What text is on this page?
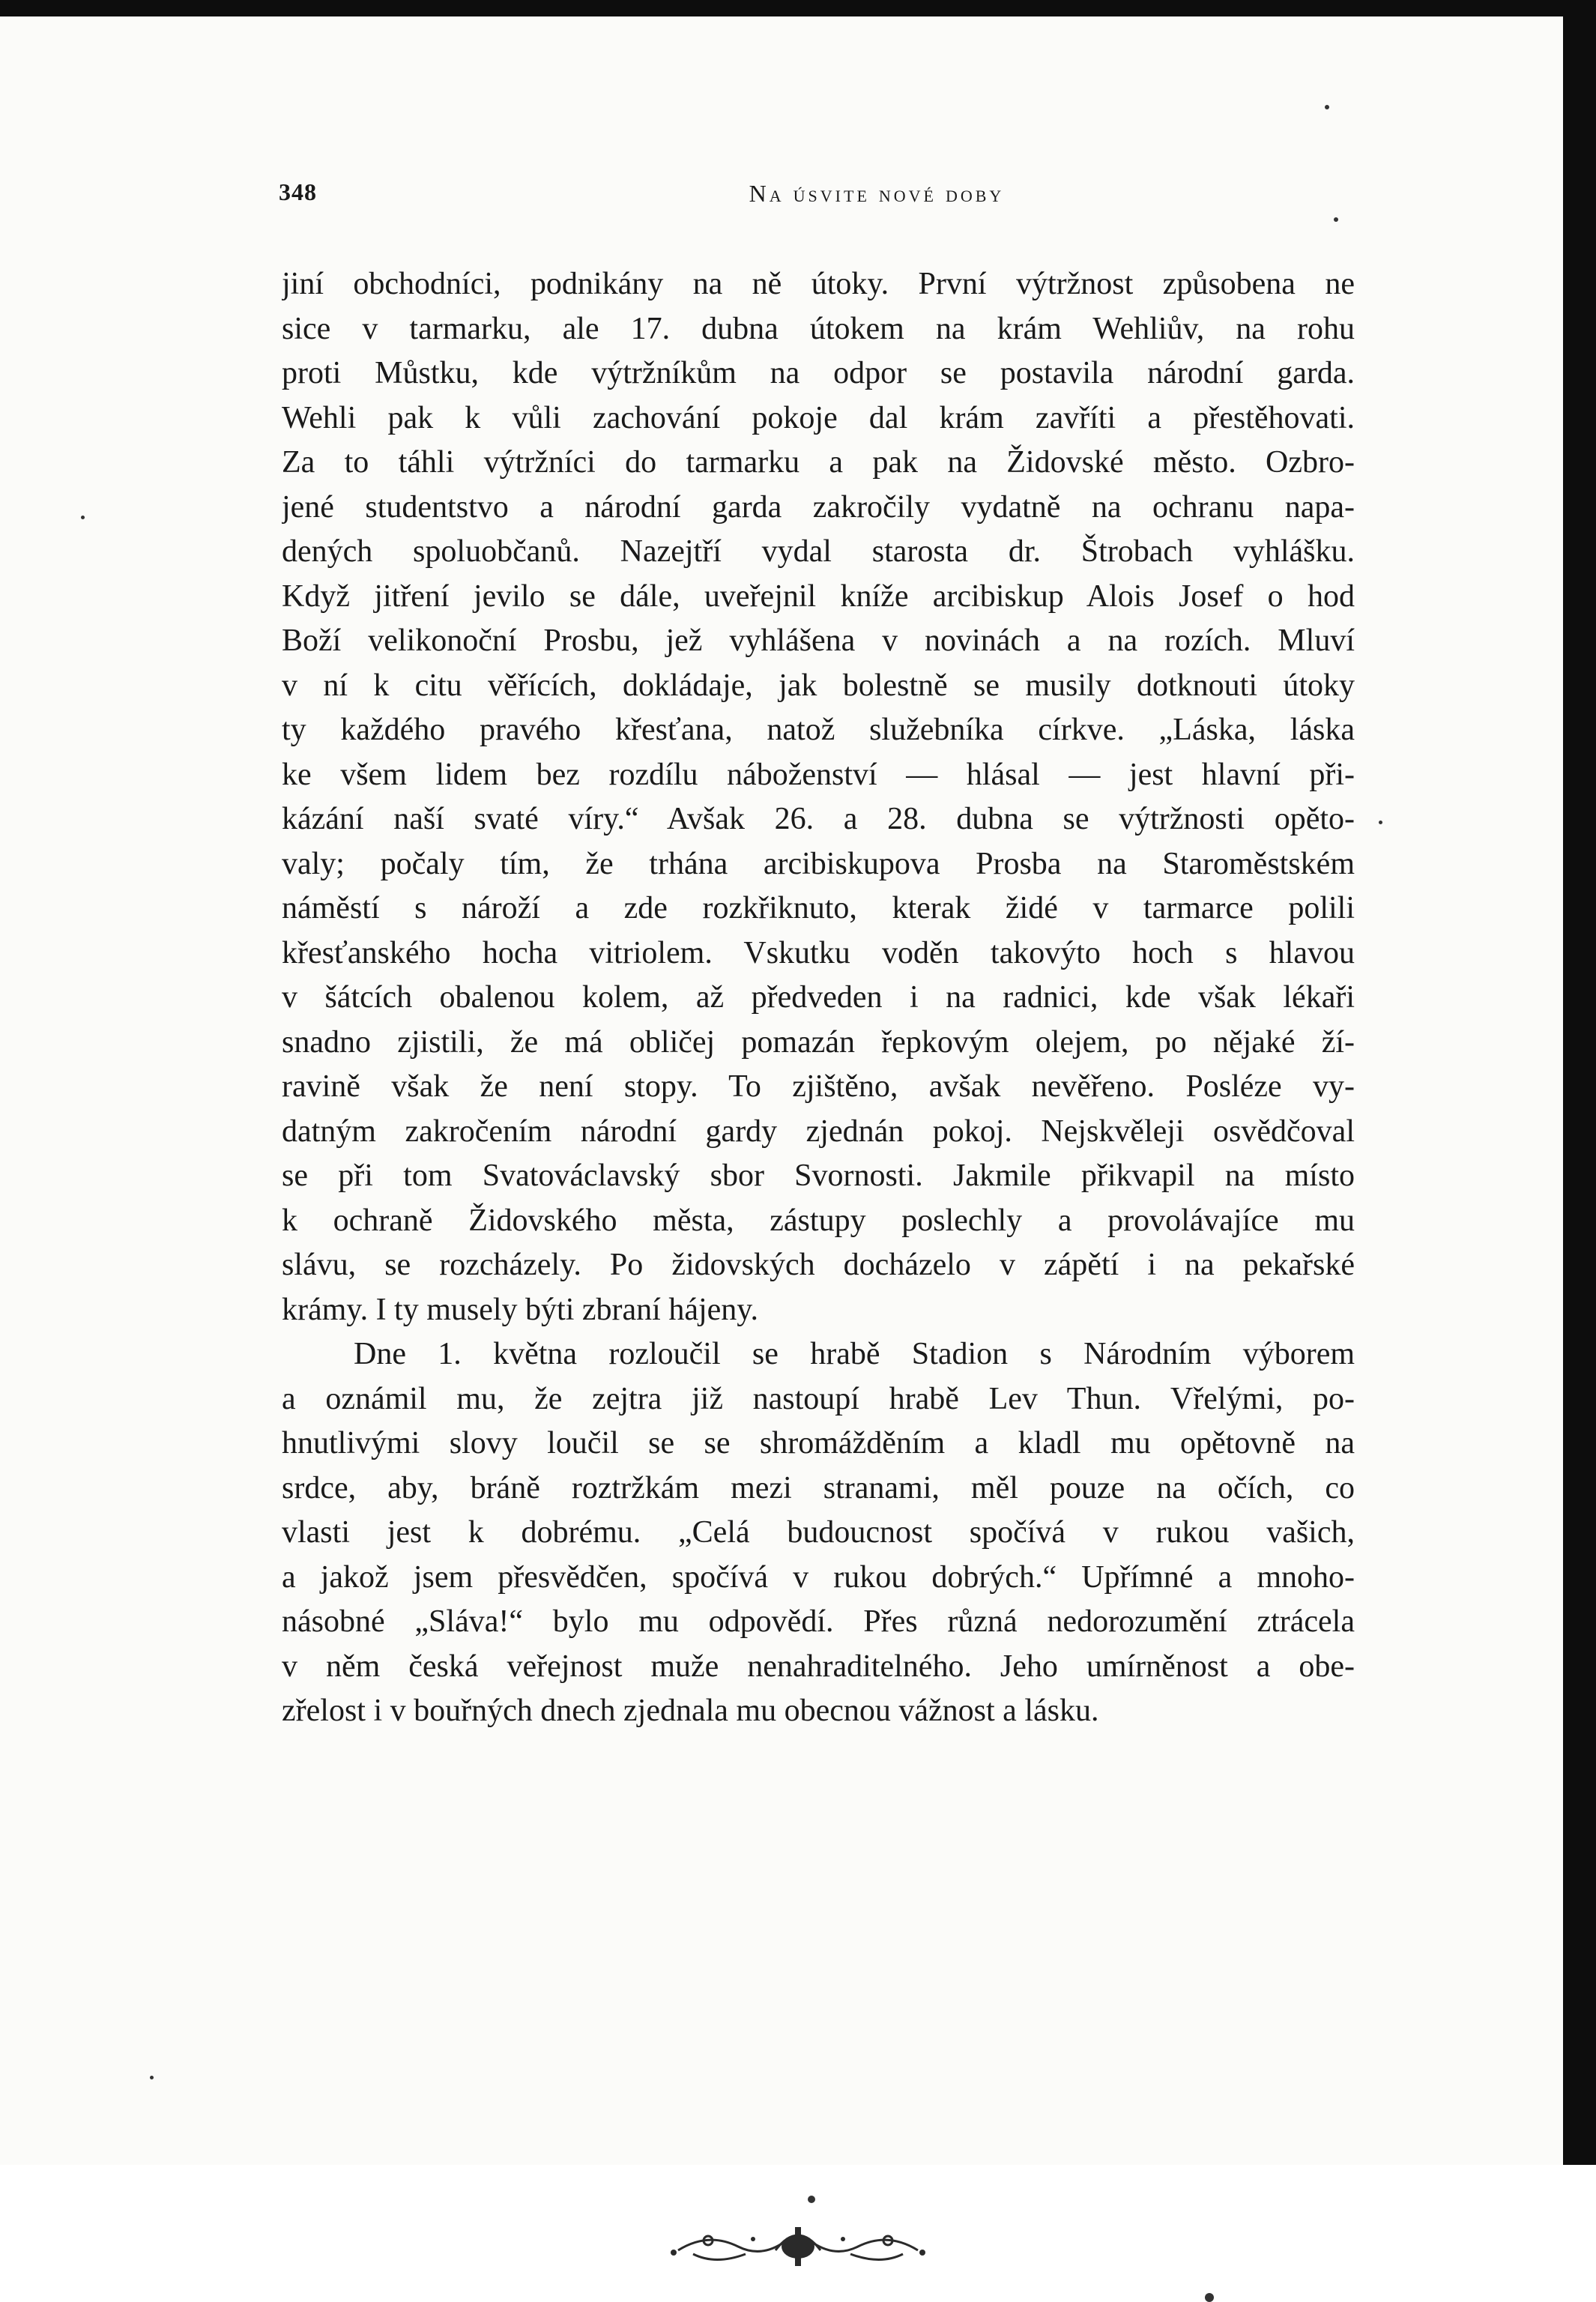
348	Na úsvite nové doby
jiní obchodníci, podnikány na ně útoky. První výtržnost způsobena ne
sice v tarmarku, ale 17. dubna útokem na krám Wehliův, na rohu
proti Můstku, kde výtržníkům na odpor se postavila národní garda.
Wehli pak k vůli zachování pokoje dal krám zavříti a přestěhovati.
Za to táhli výtržníci do tarmarku a pak na Židovské město. Ozbro-
jené studentstvo a národní garda zakročily vydatně na ochranu napa-
dených spoluobčanů. Nazejtří vydal starosta dr. Štrobach vyhlášku.
Když jitření jevilo se dále, uveřejnil kníže arcibiskup Alois Josef o hod
Boží velikonoční Prosbu, jež vyhlášena v novinách a na rozích. Mluví
v ní k citu věřících, dokládaje, jak bolestně se musily dotknouti útoky
ty každého pravého křesťana, natož služebníka církve. „Láska, láska
ke všem lidem bez rozdílu náboženství — hlásal — jest hlavní při-
kázání naší svaté víry.“ Avšak 26. a 28. dubna se výtržnosti opěto-
valy; počaly tím, že trhána arcibiskupova Prosba na Staroměstském
náměstí s nároží a zde rozkřiknuto, kterak židé v tarmarce polili
křesťanského hocha vitriolem. Vskutku voděn takovýto hoch s hlavou
v šátcích obalenou kolem, až předveden i na radnici, kde však lékaři
snadno zjistili, že má obličej pomazán řepkovým olejem, po nějaké ží-
ravině však že není stopy. To zjištěno, avšak nevěřeno. Posléze vy-
datným zakročením národní gardy zjednán pokoj. Nejskvěleji osvědčoval
se při tom Svatováclavský sbor Svornosti. Jakmile přikvapil na místo
k ochraně Židovského města, zástupy poslechly a provolávajíce mu
slávu, se rozcházely. Po židovských docházelo v zápětí i na pekařské
krámy. I ty musely býti zbraní hájeny.
Dne 1. května rozloučil se hrabě Stadion s Národním výborem
a oznámil mu, že zejtra již nastoupí hrabě Lev Thun. Vřelými, po-
hnutlivými slovy loučil se se shromážděním a kladl mu opětovně na
srdce, aby, bráně roztržkám mezi stranami, měl pouze na očích, co
vlasti jest k dobrému. „Celá budoucnost spočívá v rukou vašich,
a jakož jsem přesvědčen, spočívá v rukou dobrých.“ Upřímné a mnoho-
násobné „Sláva!“ bylo mu odpovědí. Přes různá nedorozumění ztrácela
v něm česká veřejnost muže nenahraditelného. Jeho umírněnost a obe-
zřelost i v bouřných dnech zjednala mu obecnou vážnost a lásku.
